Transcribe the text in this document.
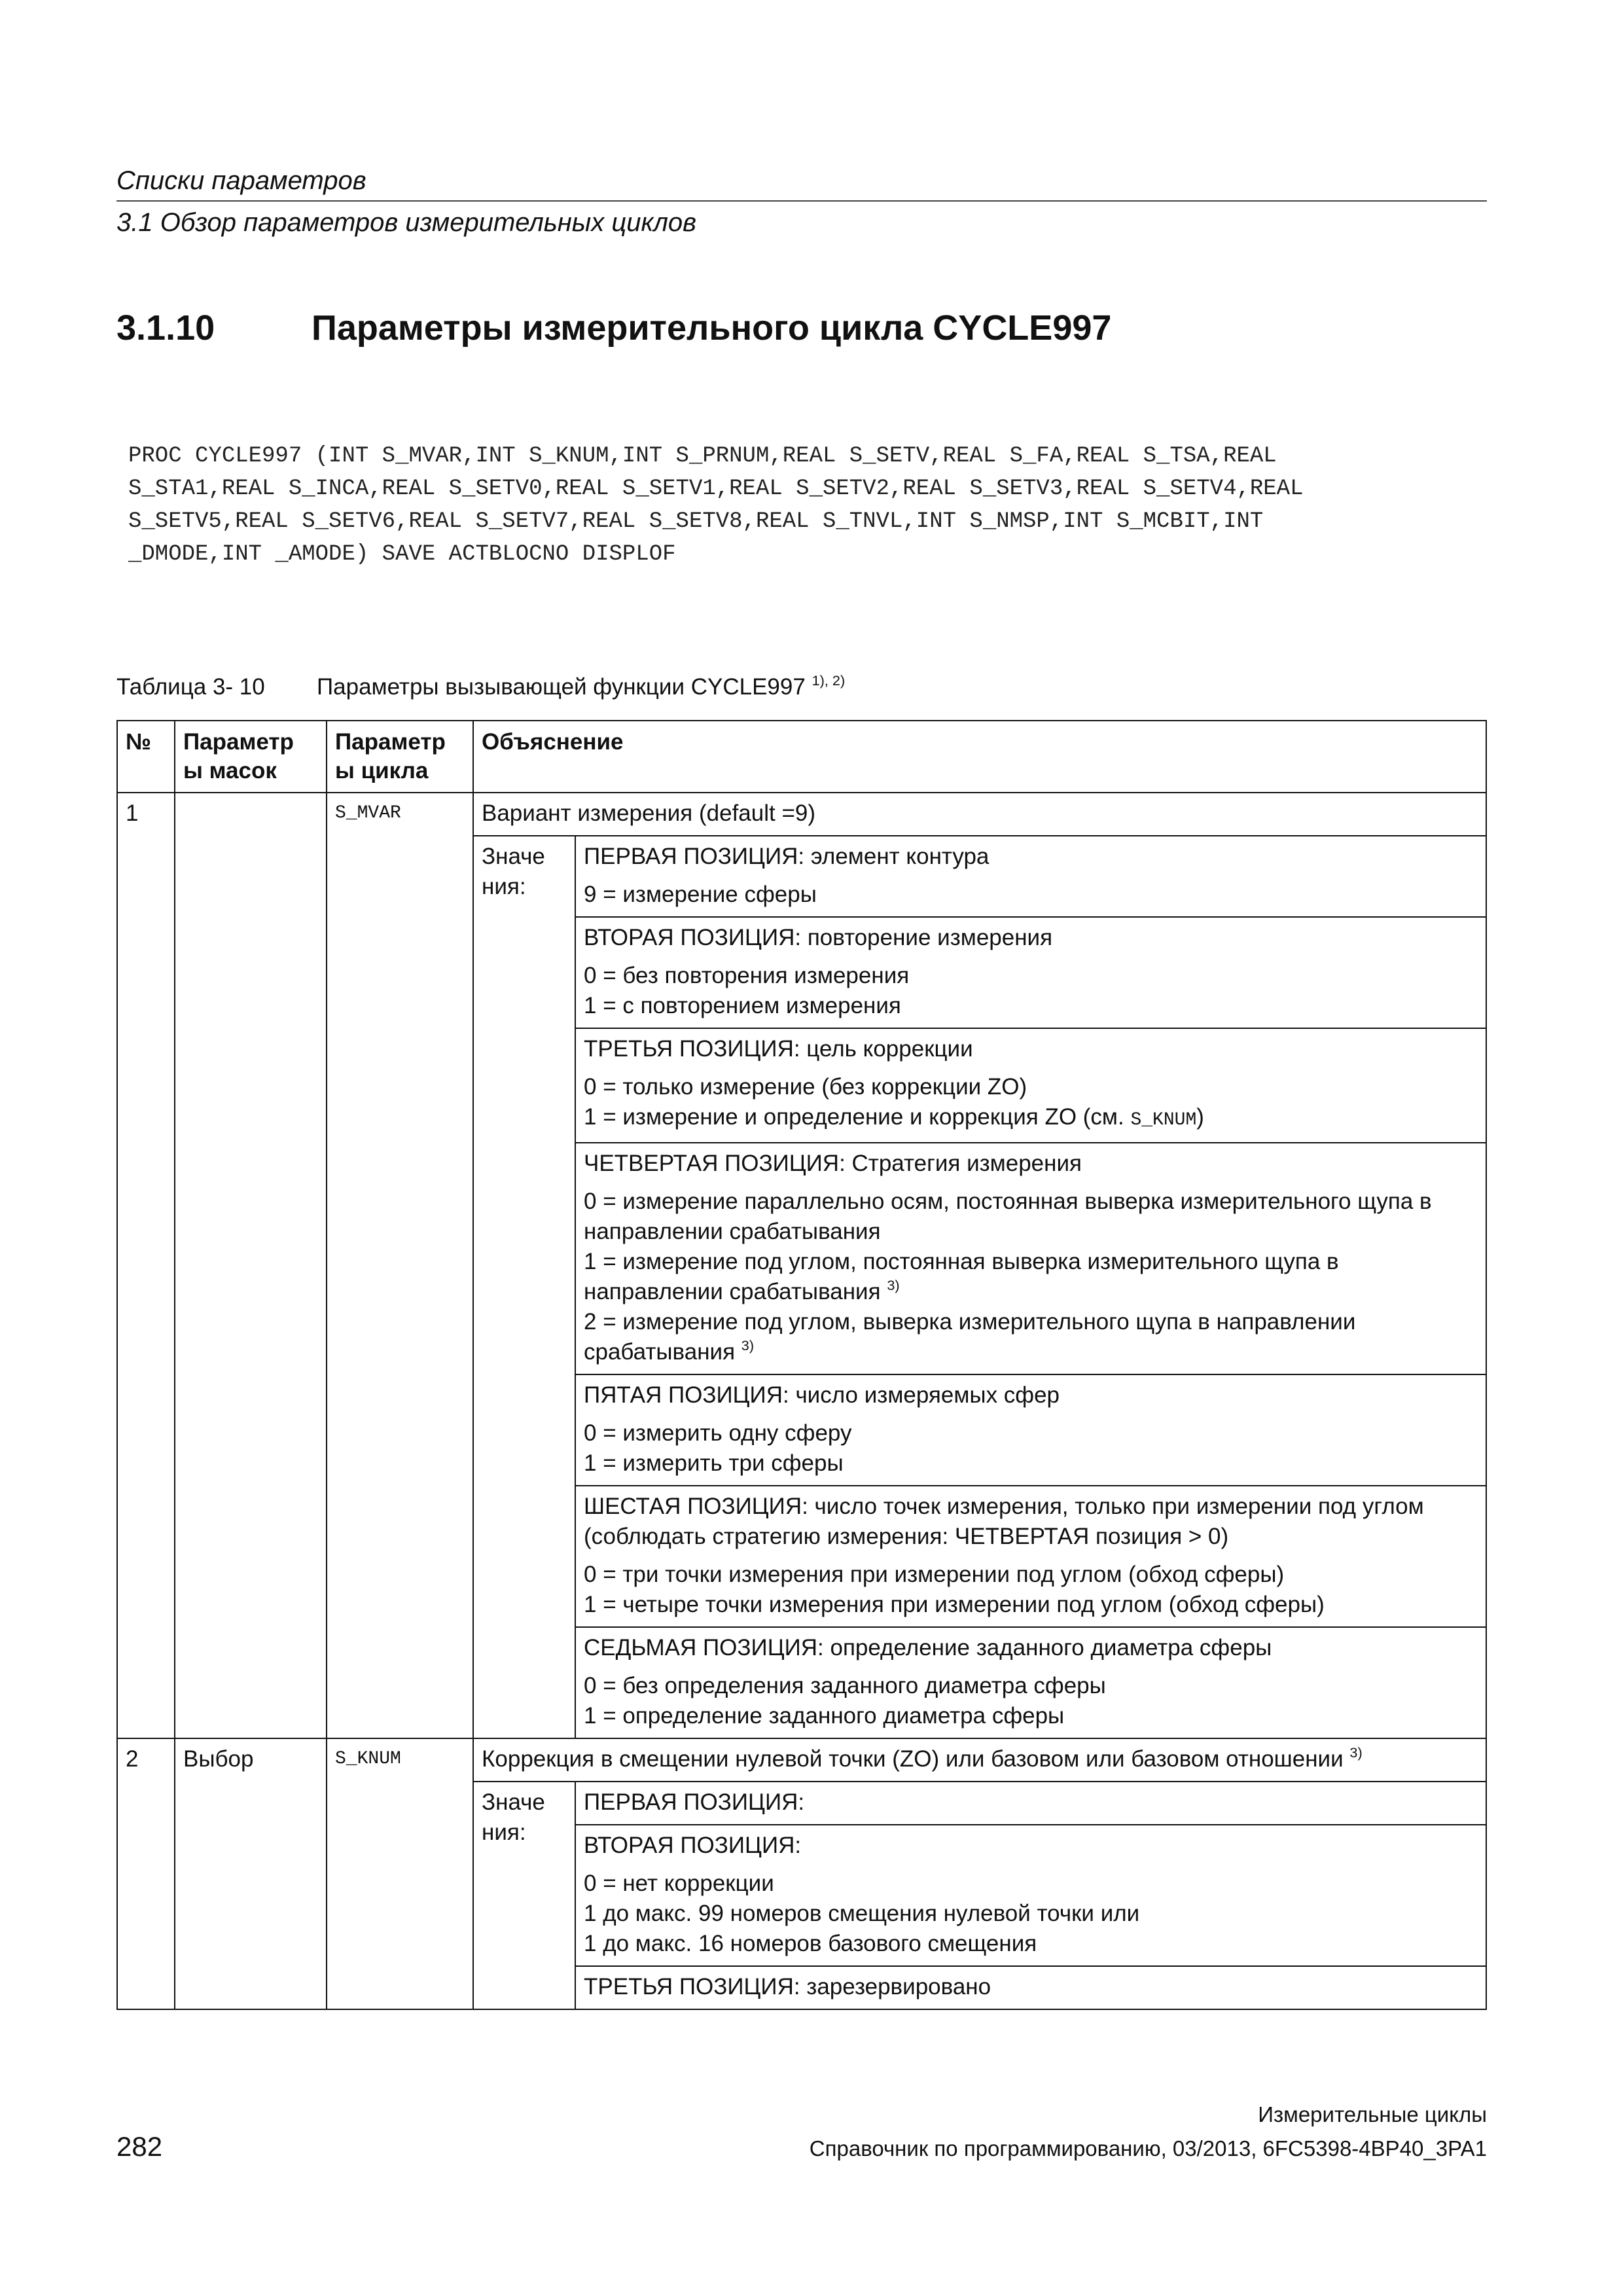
Списки параметров
3.1 Обзор параметров измерительных циклов
3.1.10	Параметры измерительного цикла CYCLE997
PROC CYCLE997 (INT S_MVAR,INT S_KNUM,INT S_PRNUM,REAL S_SETV,REAL S_FA,REAL S_TSA,REAL
S_STA1,REAL S_INCA,REAL S_SETV0,REAL S_SETV1,REAL S_SETV2,REAL S_SETV3,REAL S_SETV4,REAL
S_SETV5,REAL S_SETV6,REAL S_SETV7,REAL S_SETV8,REAL S_TNVL,INT S_NMSP,INT S_MCBIT,INT
_DMODE,INT _AMODE) SAVE ACTBLOCNO DISPLOF
Таблица 3- 10 Параметры вызывающей функции CYCLE997 $^{1), 2)}$
№	Параметр ы масок	Параметр ы цикла	Объяснение	
1		S_MVAR	Вариант измерения (default =9)	
			Значе ния:	ПЕРВАЯ ПОЗИЦИЯ: элемент контура

9 = измерение сферы

				ВТОРАЯ ПОЗИЦИЯ: повторение измерения

0 = без повторения измерения

1 = с повторением измерения

				ТРЕТЬЯ ПОЗИЦИЯ: цель коррекции

0 = только измерение (без коррекции ZO)

1 = измерение и определение и коррекция ZO (см. S_KNUM)

				ЧЕТВЕРТАЯ ПОЗИЦИЯ: Стратегия измерения

0 = измерение параллельно осям, постоянная выверка измерительного щупа в направлении срабатывания

1 = измерение под углом, постоянная выверка измерительного щупа в направлении срабатывания $^{3)}$

2 = измерение под углом, выверка измерительного щупа в направлении срабатывания $^{3)}$

				ПЯТАЯ ПОЗИЦИЯ: число измеряемых сфер

0 = измерить одну сферу

1 = измерить три сферы

				ШЕСТАЯ ПОЗИЦИЯ: число точек измерения, только при измерении под углом (соблюдать стратегию измерения: ЧЕТВЕРТАЯ позиция > 0)

0 = три точки измерения при измерении под углом (обход сферы)

1 = четыре точки измерения при измерении под углом (обход сферы)

				СЕДЬМАЯ ПОЗИЦИЯ: определение заданного диаметра сферы

0 = без определения заданного диаметра сферы

1 = определение заданного диаметра сферы

2	Выбор	S_KNUM	Коррекция в смещении нулевой точки (ZO) или базовом или базовом отношении $^{3)}$
			Значе ния:	ПЕРВАЯ ПОЗИЦИЯ:

				ВТОРАЯ ПОЗИЦИЯ:

0 = нет коррекции

1 до макс. 99 номеров смещения нулевой точки или

1 до макс. 16 номеров базового смещения

				ТРЕТЬЯ ПОЗИЦИЯ: зарезервировано

282
Измерительные циклы
Справочник по программированию, 03/2013, 6FC5398-4BP40_3PA1
